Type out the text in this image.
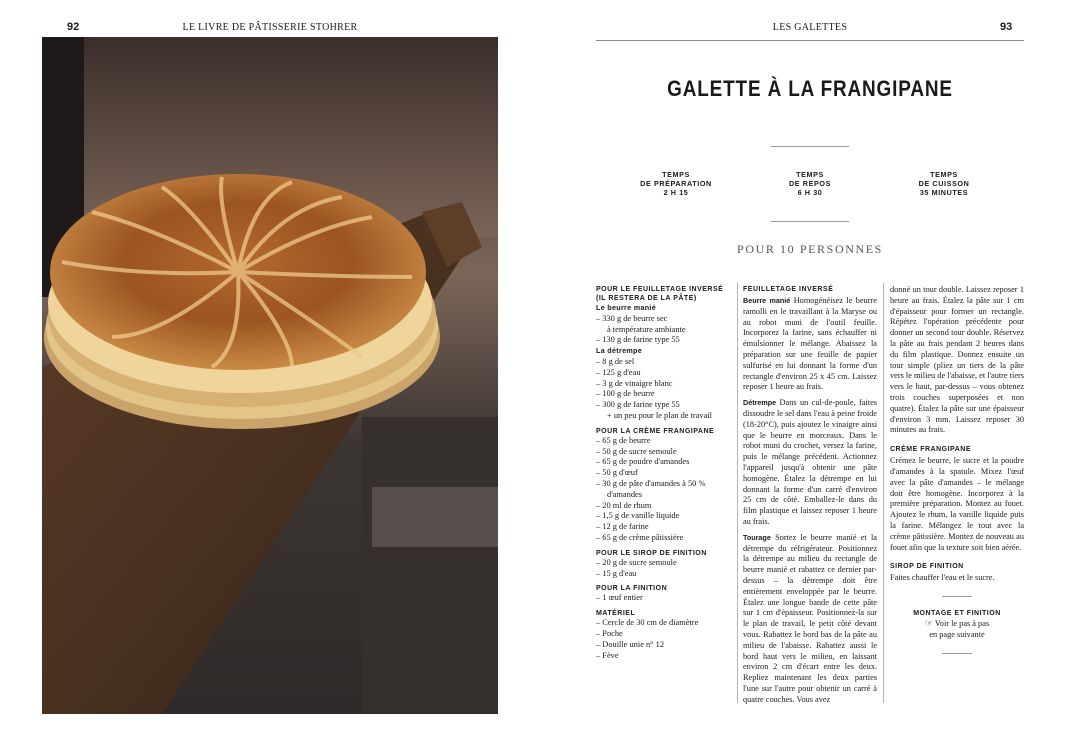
92	LE LIVRE DE PÂTISSERIE STOHRER	LES GALETTES	93
GALETTE À LA FRANGIPANE
TEMPS
DE PRÉPARATION
2 H 15
TEMPS
DE REPOS
6 H 30
TEMPS
DE CUISSON
35 MINUTES
POUR 10 PERSONNES
POUR LE FEUILLETAGE INVERSÉ
(IL RESTERA DE LA PÂTE)
Le beurre manié
– 330 g de beurre sec
à température ambiante
– 130 g de farine type 55
La détrempe
– 8 g de sel
– 125 g d'eau
– 3 g de vinaigre blanc
– 100 g de beurre
– 300 g de farine type 55
+ un peu pour le plan de travail
POUR LA CRÈME FRANGIPANE
– 65 g de beurre
– 50 g de sucre semoule
– 65 g de poudre d'amandes
– 50 g d'œuf
– 30 g de pâte d'amandes à 50 %
d'amandes
– 20 ml de rhum
– 1,5 g de vanille liquide
– 12 g de farine
– 65 g de crème pâtissière
POUR LE SIROP DE FINITION
– 20 g de sucre semoule
– 15 g d'eau
POUR LA FINITION
– 1 œuf entier
MATÉRIEL
– Cercle de 30 cm de diamètre
– Poche
– Douille unie n° 12
– Fève
FEUILLETAGE INVERSÉ
Beurre manié Homogénéisez le beurre ramolli en le travaillant à la Maryse ou au robot muni de l'outil feuille. Incorporez la farine, sans échauffer ni émulsionner le mélange. Abaissez la préparation sur une feuille de papier sulfurisé en lui donnant la forme d'un rectangle d'environ 25 x 45 cm. Laissez reposer 1 heure au frais.
Détrempe Dans un cul-de-poule, faites dissoudre le sel dans l'eau à peine froide (18-20°C), puis ajoutez le vinaigre ainsi que le beurre en morceaux. Dans le robot muni du crochet, versez la farine, puis le mélange précédent. Actionnez l'appareil jusqu'à obtenir une pâte homogène. Étalez la détrempe en lui donnant la forme d'un carré d'environ 25 cm de côté. Emballez-le dans du film plastique et laissez reposer 1 heure au frais.
Tourage Sortez le beurre manié et la détrempe du réfrigérateur. Positionnez la détrempe au milieu du rectangle de beurre manié et rabattez ce dernier par-dessus – la détrempe doit être entièrement enveloppée par le beurre. Étalez une longue bande de cette pâte sur 1 cm d'épaisseur. Positionnez-la sur le plan de travail, le petit côté devant vous. Rabattez le bord bas de la pâte au milieu de l'abaisse. Rabattez aussi le bord haut vers le milieu, en laissant environ 2 cm d'écart entre les deux. Repliez maintenant les deux parties l'une sur l'autre pour obtenir un carré à quatre couches. Vous avez
donné un tour double. Laissez reposer 1 heure au frais. Étalez la pâte sur 1 cm d'épaisseur pour former un rectangle. Répétez l'opération précédente pour donner un second tour double. Réservez la pâte au frais pendant 2 heures dans du film plastique. Donnez ensuite un tour simple (pliez un tiers de la pâte vers le milieu de l'abaisse, et l'autre tiers vers le haut, par-dessus – vous obtenez trois couches superposées et non quatre). Étalez la pâte sur une épaisseur d'environ 3 mm. Laissez reposer 30 minutes au frais.
CRÈME FRANGIPANE
Crémez le beurre, le sucre et la poudre d'amandes à la spatule. Mixez l'œuf avec la pâte d'amandes – le mélange doit être homogène. Incorporez à la première préparation. Montez au fouet. Ajoutez le rhum, la vanille liquide puis la farine. Mélangez le tout avec la crème pâtissière. Montez de nouveau au fouet afin que la texture soit bien aérée.
SIROP DE FINITION
Faites chauffer l'eau et le sucre.
MONTAGE ET FINITION
☞ Voir le pas à pas
en page suivante
